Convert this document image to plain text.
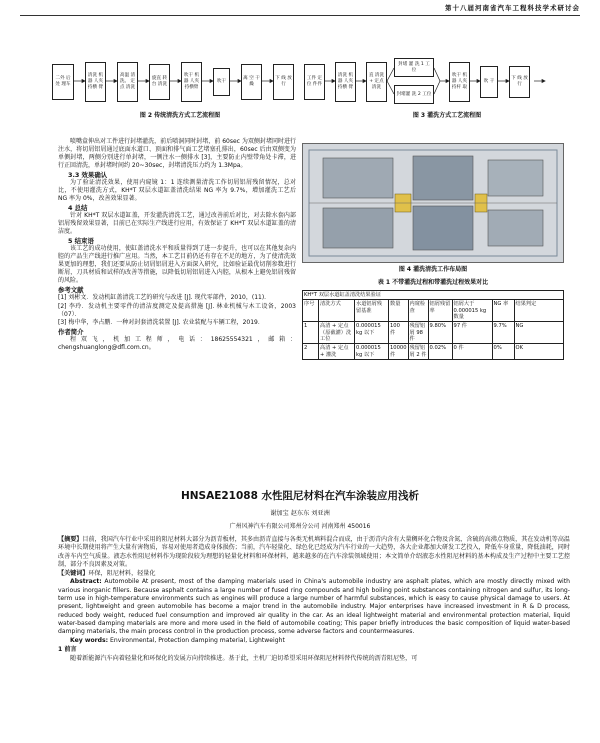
第十八届河南省汽车工程科技学术研讨会
二外 后处 理车
清洗 机器 人夹 持横 臂
高温 清洗、 定点 清洗
旋直 转台 清洗
吹干 机器 人夹 持横臂
吹干
离 空 干 燥
下 线 放 行
图 2 传统清洗方式工艺流程图
工件 定位 件件
清洗 机器 人夹 持横 臂
直 清洗 + 定点 清洗
封堵 灌 洗 1 工 位
封堵灌 洗 2 工位
吹干 机器 人夹 持杆 取
吹 干
下 线 放行
图 3 灌洗方式工艺流程图

喷嘴盒伸出对工件进行封堵灌洗，前后喷洞同时封堵，前 60sec 为双侧封堵同时进行注水，将切屑铝屑通过底面水道口、顶面和排气面工艺堵塞孔排出，60sec 后由双侧变为单侧封堵，两侧分别进行单封堵，一侧注水一侧排水 [3]，主要防止内壁带角处卡滞，进行正回清洗，单封堵时间约 20~30sec，封堵清洗压力约为 1.3Mpa。

3.3 效果确认

为了验证清洗效果，使用内窥镜 1：1 连续测量清洗工作切屑铝屑残留情况，总对比，不使用灌洗方式，KH*T 双层水道缸盖清洗结果 NG 率为 9.7%，增加灌洗工艺后 NG 率为 0%，改善效果显著。

4 总结

针对 KH*T 双层水道缸盖，开发灌洗清洗工艺，通过改善前后对比，对去除水套内部铝屑残留效果显著，目前已在实际生产线进行应用，有效保证了 KH*T 双层水道缸盖的清洁度。

5 结束语

该工艺的成功使用，使缸盖清洗水平和质量得到了进一步提升，也可以在其他复杂内腔的产品生产线进行推广应用。当然，本工艺目前仍还有存在不足的地方，为了使清洗效果更加的理想，我们还要从防止切屑铝屑进入方面深入研究，比如验证最优切削参数进行断屑，刀具材质和试样的改善等措施，以降低切屑铝屑进入内腔，从根本上避免铝屑残留的风险。

参考文献

[1] 刘彬文．发动机缸盖清洗工艺的研究与改进 [J]. 现代零部件，2010，(11)．

[2] 李玲．发动机主要零件的清洁度测定及提高措施 [J]. 林业机械与木工设备，2003（07）．

[3] 梅中华，李占鹏．一种对封套清洗装置 [J]. 农业装配与车辆工程，2019．

作者简介

程双飞，机加工程师，电话：18625554321，邮箱：chengshuanglong@dfl.com.cn。

图 4 灌洗清洗工作布局图
表 1 不带灌洗过程和带灌洗过程效果对比
KH*T 双层水道缸盖清洗结果验证								
序号	清洗方式	水道铝屑残留基准	数量	内窥检查	铝屑残留率	铝屑大于 0.000015 kg 数量	NG 率	结果判定
1	高清 + 定点（原截灌）洗工位	0.000015 kg 以下	100 件	残留铝屑 98 件	9.80%	97 件	9.7%	NG
2	高清 + 定点 + 灌洗	0.000015 kg 以下	10000 件	残留铝屑 2 件	0.02%	0 件	0%	OK
HNSAE21088 水性阻尼材料在汽车涂装应用浅析
谢加宝 赵东东 刘亚洲
广州风神汽车有限公司郑州分公司 河南郑州 450016

【摘要】目前，我国汽车行业中采用的阻尼材料大部分为沥青板材，其多由沥青直接与各类无机填料混合而成，由于沥青内含有大量稠环化合物及含氮、含硫的高沸点物质，其在发动机等高温环境中长期使用将产生大量有害物质，容易对使用者造成身体损伤；当前，汽车轻量化、绿色化已经成为汽车行业的一大趋势，各大企业都加大研发工艺投入，降低车身重量，降低油耗，同时改善车内空气质量。液态水性阻尼材料作为现阶段较为理想的轻量化材料和环保材料，越来越多的在汽车涂装领域使用；本文简单介绍液态水性阻尼材料的基本构成及生产过程中主要工艺控制，部分不良因素及对策。

【关键词】环保，阻尼材料，轻量化

Abstract: Automobile At present, most of the damping materials used in China's automobile industry are asphalt plates, which are mostly directly mixed with various inorganic fillers. Because asphalt contains a large number of fused ring compounds and high boiling point substances containing nitrogen and sulfur, its long-term use in high-temperature environments such as engines will produce a large number of harmful substances, which is easy to cause physical damage to users. At present, lightweight and green automobile has become a major trend in the automobile industry. Major enterprises have increased investment in R & D process, reduced body weight, reduced fuel consumption and improved air quality in the car. As an ideal lightweight material and environmental protection material, liquid water-based damping materials are more and more used in the field of automobile coating; This paper briefly introduces the basic composition of liquid water-based damping materials, the main process control in the production process, some adverse factors and countermeasures.

Key words: Environmental, Protection damping material, Lightweight

1 前言

随着新能源汽车向着轻量化和环保化的发展方向持续推进。基于此，主机厂迫切希望采用环保阻尼材料替代传统的沥青阻尼垫，可
